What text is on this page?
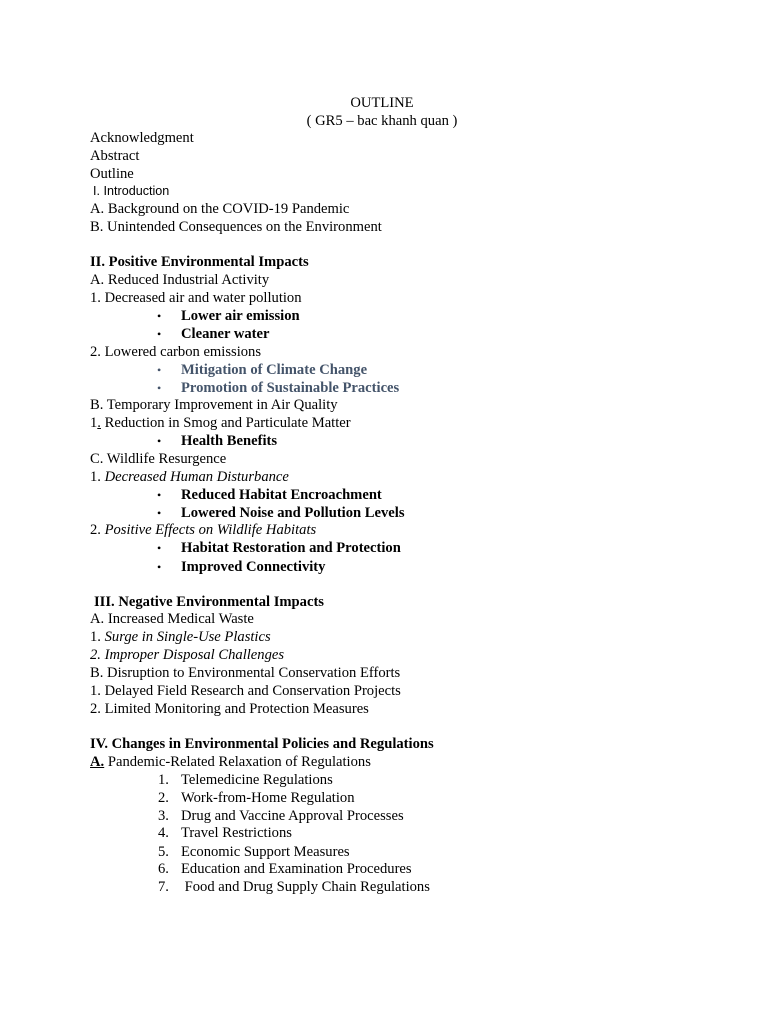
OUTLINE
( GR5 – bac khanh quan )
Acknowledgment
Abstract
Outline
I. Introduction
A. Background on the COVID-19 Pandemic
B. Unintended Consequences on the Environment
II. Positive Environmental Impacts
A. Reduced Industrial Activity
1. Decreased air and water pollution
• Lower air emission
• Cleaner water
2. Lowered carbon emissions
• Mitigation of Climate Change
• Promotion of Sustainable Practices
B. Temporary Improvement in Air Quality
1. Reduction in Smog and Particulate Matter
• Health Benefits
C. Wildlife Resurgence
1. Decreased Human Disturbance
• Reduced Habitat Encroachment
• Lowered Noise and Pollution Levels
2. Positive Effects on Wildlife Habitats
• Habitat Restoration and Protection
• Improved Connectivity
III. Negative Environmental Impacts
A. Increased Medical Waste
1. Surge in Single-Use Plastics
2. Improper Disposal Challenges
B. Disruption to Environmental Conservation Efforts
1. Delayed Field Research and Conservation Projects
2. Limited Monitoring and Protection Measures
IV. Changes in Environmental Policies and Regulations
A. Pandemic-Related Relaxation of Regulations
1. Telemedicine Regulations
2. Work-from-Home Regulation
3. Drug and Vaccine Approval Processes
4. Travel Restrictions
5. Economic Support Measures
6. Education and Examination Procedures
7. Food and Drug Supply Chain Regulations
